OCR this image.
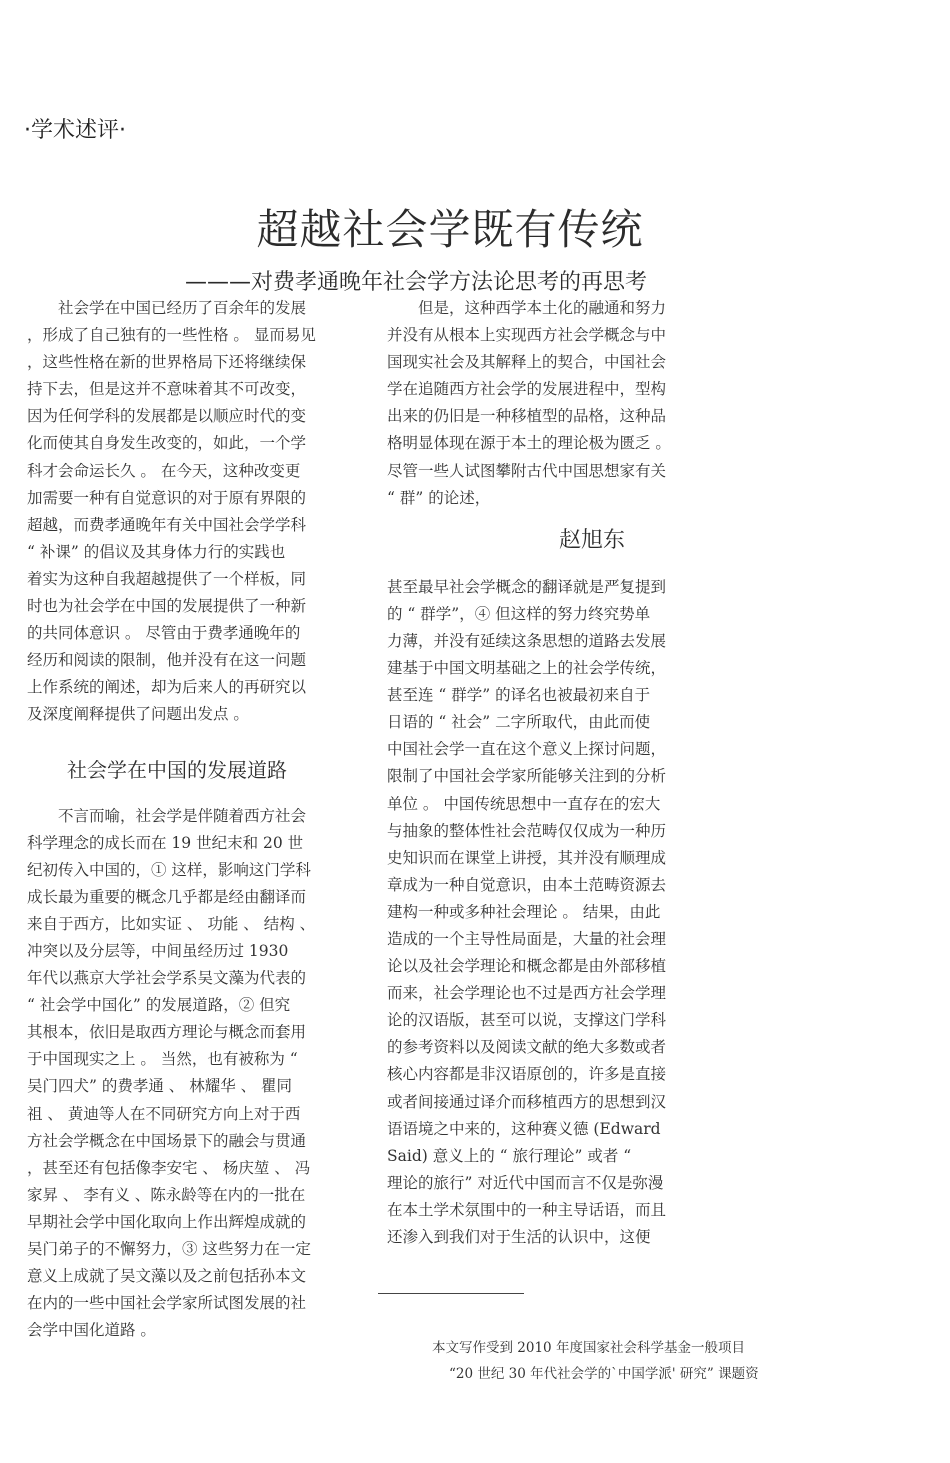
·学术述评·
超越社会学既有传统
———对费孝通晚年社会学方法论思考的再思考

　　社会学在中国已经历了百余年的发展
，形成了自己独有的一些性格 。 显而易见
，这些性格在新的世界格局下还将继续保
持下去，但是这并不意味着其不可改变，
因为任何学科的发展都是以顺应时代的变
化而使其自身发生改变的，如此，一个学
科才会命运长久 。 在今天，这种改变更
加需要一种有自觉意识的对于原有界限的
超越，而费孝通晚年有关中国社会学学科
“ 补课” 的倡议及其身体力行的实践也
着实为这种自我超越提供了一个样板，同
时也为社会学在中国的发展提供了一种新
的共同体意识 。 尽管由于费孝通晚年的
经历和阅读的限制，他并没有在这一问题
上作系统的阐述，却为后来人的再研究以
及深度阐释提供了问题出发点 。

　　不言而喻，社会学是伴随着西方社会
科学理念的成长而在 19 世纪末和 20 世
纪初传入中国的，① 这样，影响这门学科
成长最为重要的概念几乎都是经由翻译而
来自于西方，比如实证 、 功能 、 结构 、
冲突以及分层等，中间虽经历过 1930
年代以燕京大学社会学系吴文藻为代表的
“ 社会学中国化” 的发展道路，② 但究
其根本，依旧是取西方理论与概念而套用
于中国现实之上 。 当然，也有被称为 “
吴门四犬” 的费孝通 、 林耀华 、 瞿同
祖 、 黄迪等人在不同研究方向上对于西
方社会学概念在中国场景下的融会与贯通
，甚至还有包括像李安宅 、 杨庆堃 、 冯
家昇 、 李有义 、陈永龄等在内的一批在
早期社会学中国化取向上作出辉煌成就的
吴门弟子的不懈努力，③ 这些努力在一定
意义上成就了吴文藻以及之前包括孙本文
在内的一些中国社会学家所试图发展的社
会学中国化道路 。

社会学在中国的发展道路

　　但是，这种西学本土化的融通和努力
并没有从根本上实现西方社会学概念与中
国现实社会及其解释上的契合，中国社会
学在追随西方社会学的发展进程中，型构
出来的仍旧是一种移植型的品格，这种品
格明显体现在源于本土的理论极为匮乏 。
尽管一些人试图攀附古代中国思想家有关
“ 群” 的论述，

甚至最早社会学概念的翻译就是严复提到
的 “ 群学”，④ 但这样的努力终究势单
力薄，并没有延续这条思想的道路去发展
建基于中国文明基础之上的社会学传统，
甚至连 “ 群学” 的译名也被最初来自于
日语的 “ 社会” 二字所取代，由此而使
中国社会学一直在这个意义上探讨问题，
限制了中国社会学家所能够关注到的分析
单位 。 中国传统思想中一直存在的宏大
与抽象的整体性社会范畴仅仅成为一种历
史知识而在课堂上讲授，其并没有顺理成
章成为一种自觉意识，由本土范畴资源去
建构一种或多种社会理论 。 结果，由此
造成的一个主导性局面是，大量的社会理
论以及社会学理论和概念都是由外部移植
而来，社会学理论也不过是西方社会学理
论的汉语版，甚至可以说，支撑这门学科
的参考资料以及阅读文献的绝大多数或者
核心内容都是非汉语原创的，许多是直接
或者间接通过译介而移植西方的思想到汉
语语境之中来的，这种赛义德 (Edward
Said) 意义上的 “ 旅行理论” 或者 “
理论的旅行” 对近代中国而言不仅是弥漫
在本土学术氛围中的一种主导话语，而且
还渗入到我们对于生活的认识中，这便

赵旭东
本文写作受到 2010 年度国家社会科学基金一般项目
“20 世纪 30 年代社会学的`中国学派' 研究” 课题资
